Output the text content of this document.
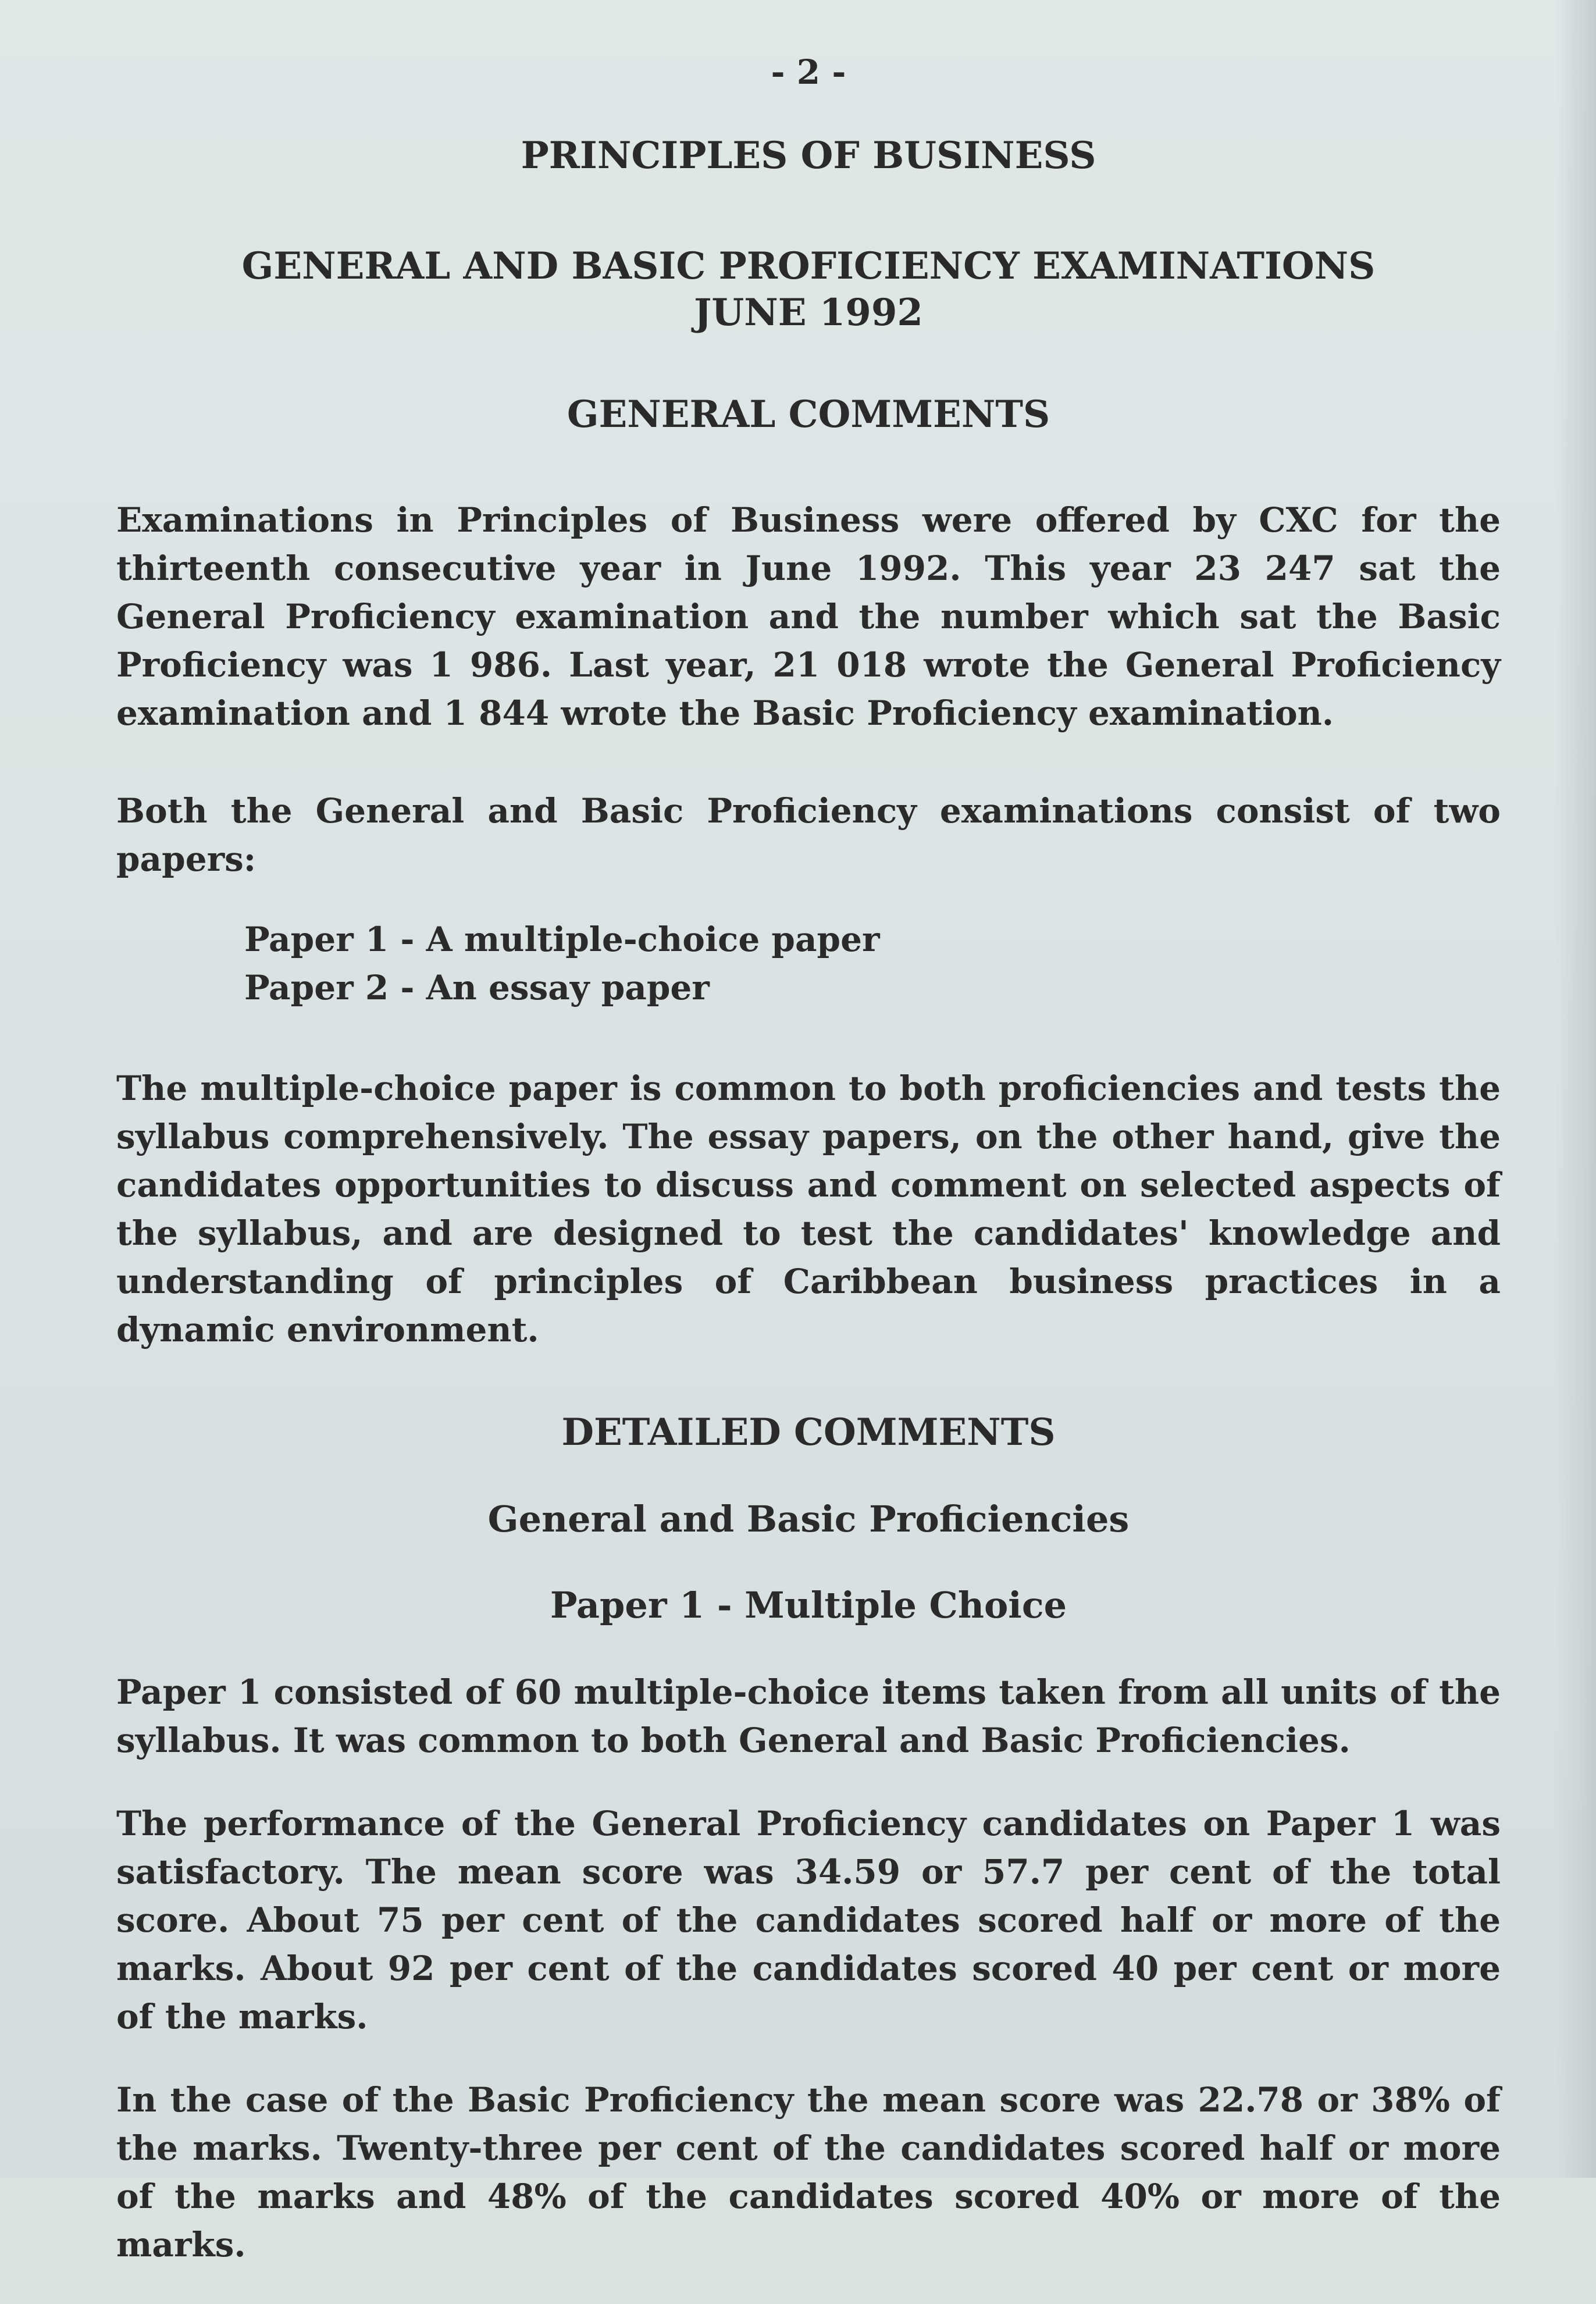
- 2 -
PRINCIPLES OF BUSINESS
GENERAL AND BASIC PROFICIENCY EXAMINATIONS
JUNE 1992
GENERAL COMMENTS

Examinations in Principles of Business were offered by CXC for the thirteenth consecutive year in June 1992. This year 23 247 sat the General Proficiency examination and the number which sat the Basic Proficiency was 1 986. Last year, 21 018 wrote the General Proficiency examination and 1 844 wrote the Basic Proficiency examination.

Both the General and Basic Proficiency examinations consist of two papers:

Paper 1 - A multiple-choice paper
Paper 2 - An essay paper

The multiple-choice paper is common to both proficiencies and tests the syllabus comprehensively. The essay papers, on the other hand, give the candidates opportunities to discuss and comment on selected aspects of the syllabus, and are designed to test the candidates' knowledge and understanding of principles of Caribbean business practices in a dynamic environment.

DETAILED COMMENTS
General and Basic Proficiencies
Paper 1 - Multiple Choice

Paper 1 consisted of 60 multiple-choice items taken from all units of the syllabus. It was common to both General and Basic Proficiencies.

The performance of the General Proficiency candidates on Paper 1 was satisfactory. The mean score was 34.59 or 57.7 per cent of the total score. About 75 per cent of the candidates scored half or more of the marks. About 92 per cent of the candidates scored 40 per cent or more of the marks.

In the case of the Basic Proficiency the mean score was 22.78 or 38% of the marks. Twenty-three per cent of the candidates scored half or more of the marks and 48% of the candidates scored 40% or more of the marks.
